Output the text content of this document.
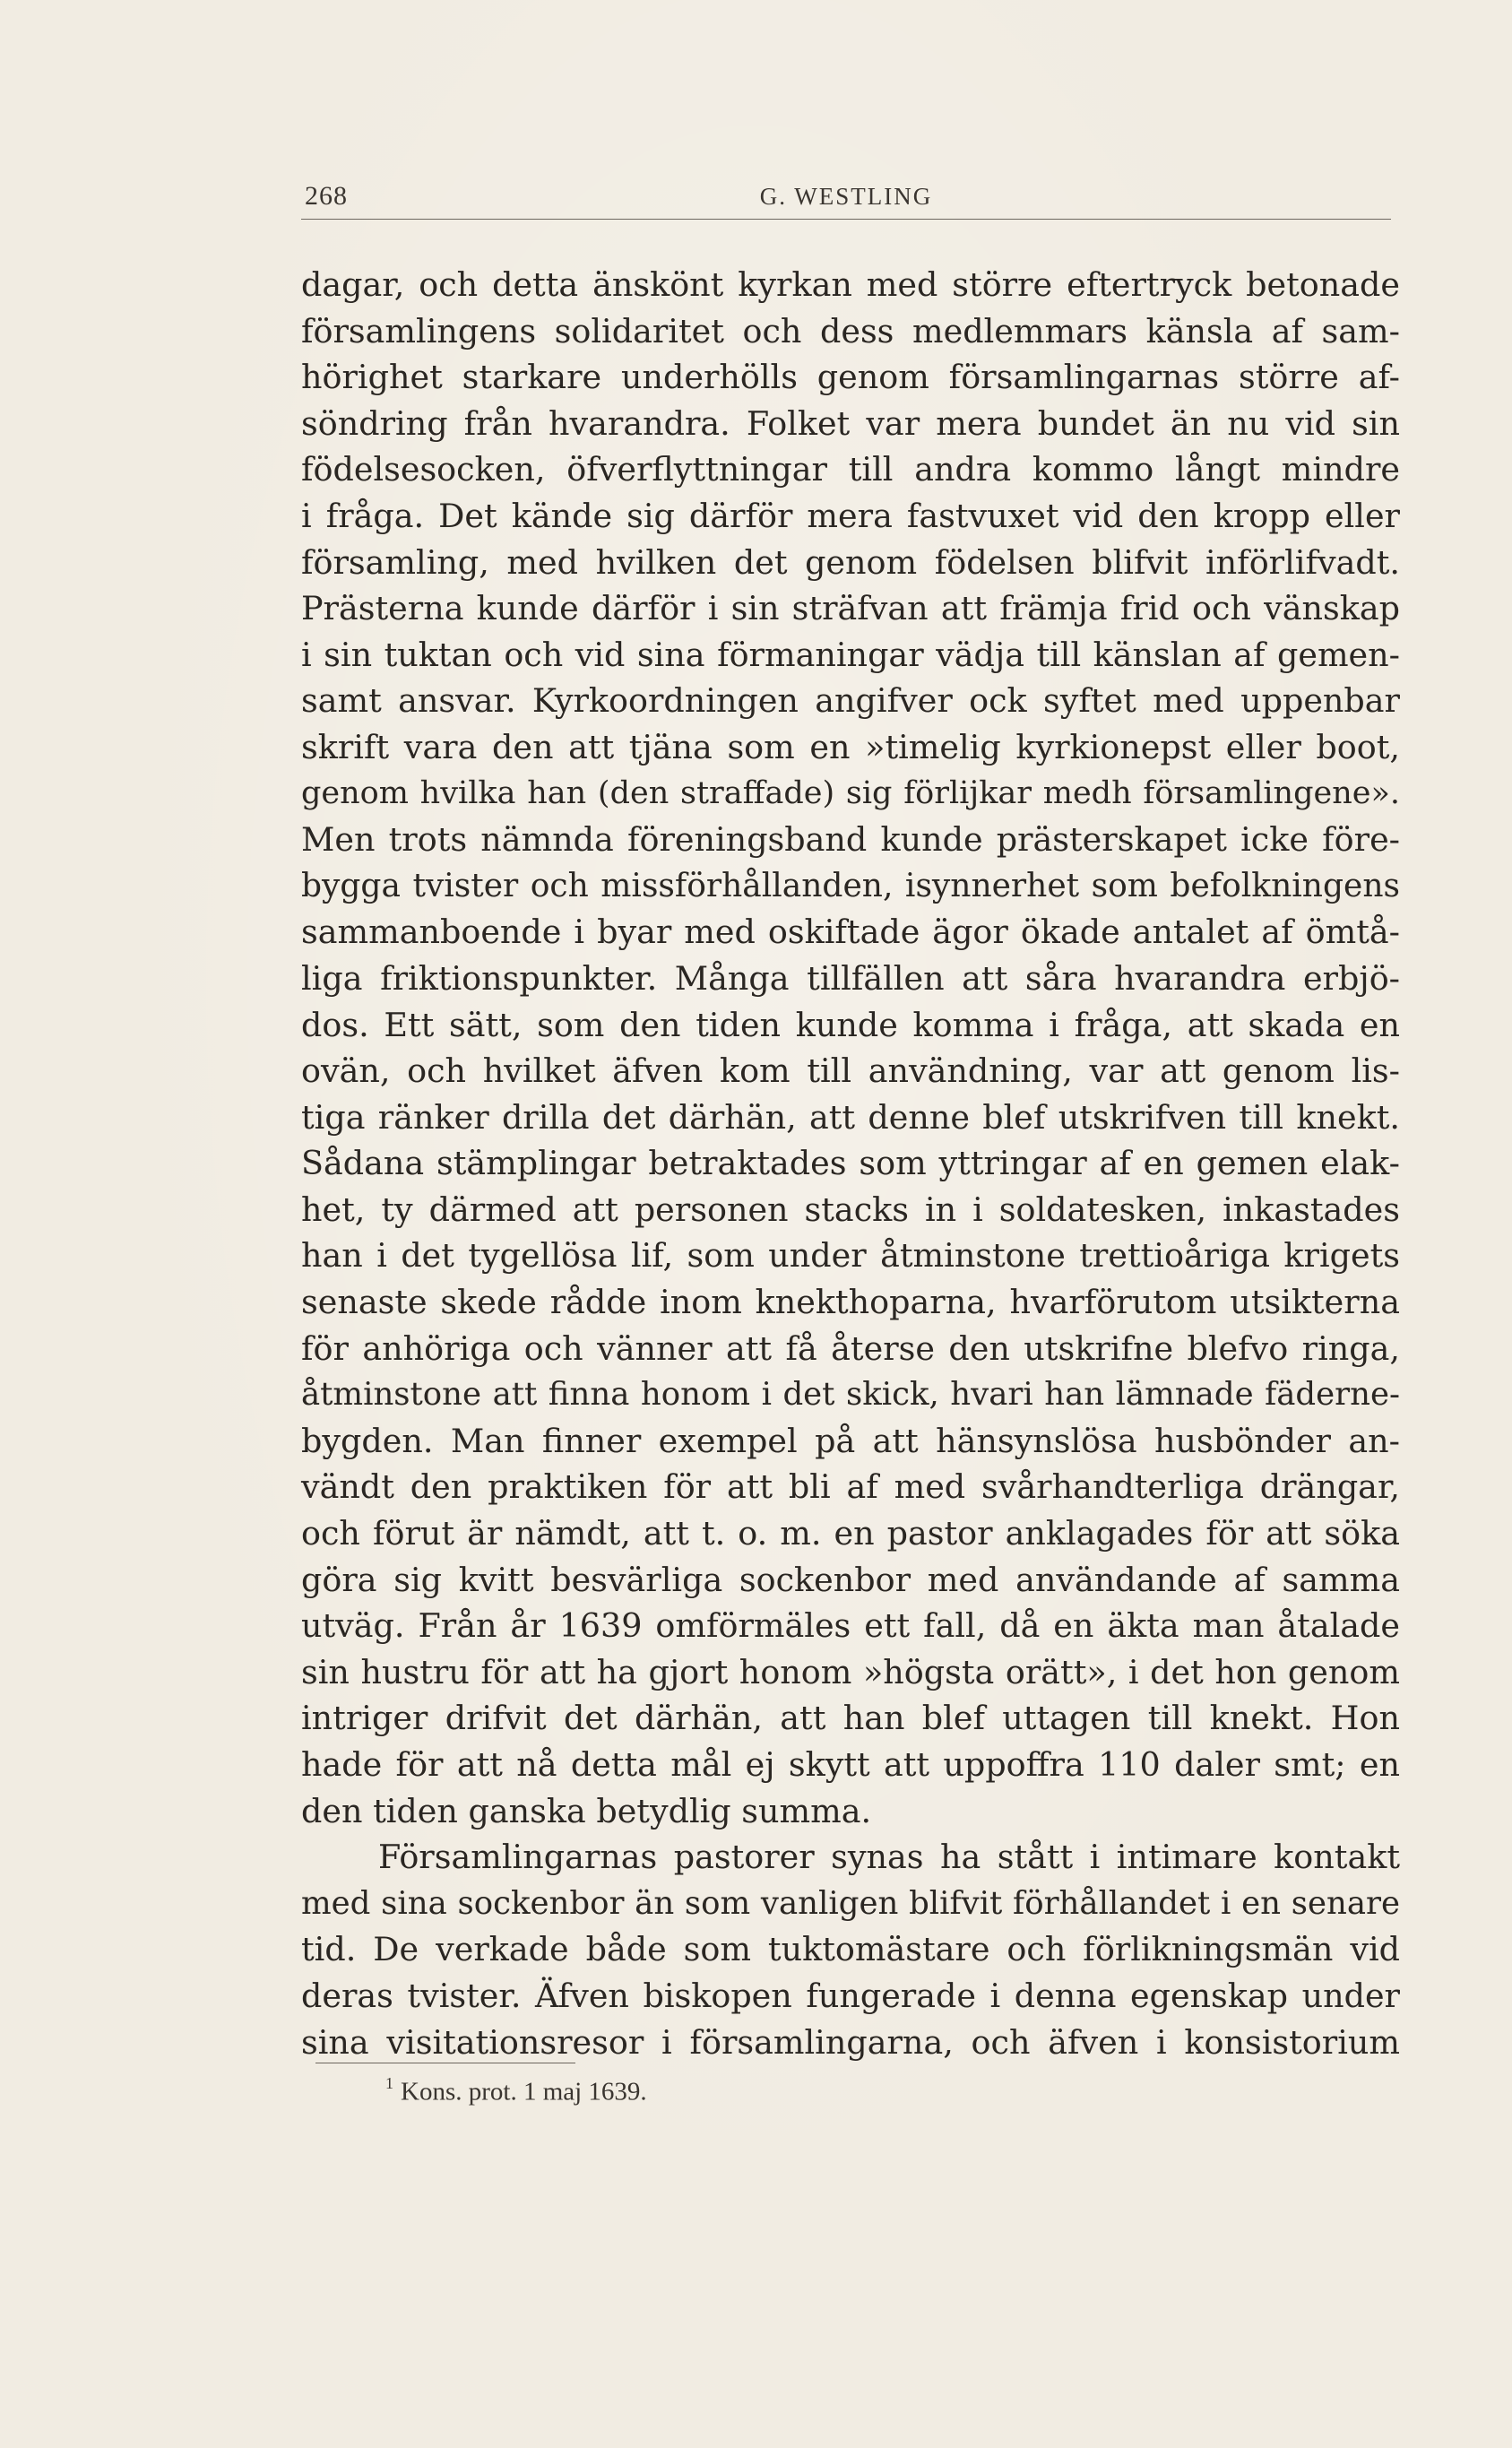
268	G. WESTLING
dagar, och detta änskönt kyrkan med större eftertryck betonade
församlingens solidaritet och dess medlemmars känsla af sam-
hörighet starkare underhölls genom församlingarnas större af-
söndring från hvarandra. Folket var mera bundet än nu vid sin
födelsesocken, öfverflyttningar till andra kommo långt mindre
i fråga. Det kände sig därför mera fastvuxet vid den kropp eller
församling, med hvilken det genom födelsen blifvit införlifvadt.
Prästerna kunde därför i sin sträfvan att främja frid och vänskap
i sin tuktan och vid sina förmaningar vädja till känslan af gemen-
samt ansvar. Kyrkoordningen angifver ock syftet med uppenbar
skrift vara den att tjäna som en »timelig kyrkionepst eller boot,
genom hvilka han (den straffade) sig förlijkar medh församlingene».
Men trots nämnda föreningsband kunde prästerskapet icke före-
bygga tvister och missförhållanden, isynnerhet som befolkningens
sammanboende i byar med oskiftade ägor ökade antalet af ömtå-
liga friktionspunkter. Många tillfällen att såra hvarandra erbjö-
dos. Ett sätt, som den tiden kunde komma i fråga, att skada en
ovän, och hvilket äfven kom till användning, var att genom lis-
tiga ränker drilla det därhän, att denne blef utskrifven till knekt.
Sådana stämplingar betraktades som yttringar af en gemen elak-
het, ty därmed att personen stacks in i soldatesken, inkastades
han i det tygellösa lif, som under åtminstone trettioåriga krigets
senaste skede rådde inom knekthoparna, hvarförutom utsikterna
för anhöriga och vänner att få återse den utskrifne blefvo ringa,
åtminstone att finna honom i det skick, hvari han lämnade fäderne-
bygden. Man finner exempel på att hänsynslösa husbönder an-
vändt den praktiken för att bli af med svårhandterliga drängar,
och förut är nämdt, att t. o. m. en pastor anklagades för att söka
göra sig kvitt besvärliga sockenbor med användande af samma
utväg. Från år 1639 omförmäles ett fall, då en äkta man åtalade
sin hustru för att ha gjort honom »högsta orätt», i det hon genom
intriger drifvit det därhän, att han blef uttagen till knekt. Hon
hade för att nå detta mål ej skytt att uppoffra 110 daler smt; en
den tiden ganska betydlig summa.
Församlingarnas pastorer synas ha stått i intimare kontakt
med sina sockenbor än som vanligen blifvit förhållandet i en senare
tid. De verkade både som tuktomästare och förlikningsmän vid
deras tvister. Äfven biskopen fungerade i denna egenskap under
sina visitationsresor i församlingarna, och äfven i konsistorium
$^1$ Kons. prot. 1 maj 1639.
